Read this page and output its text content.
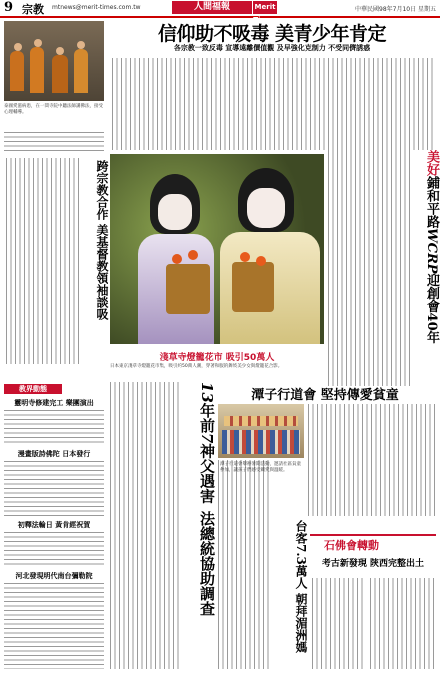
9 宗教 mtnews@merit-times.com.tw	人間福報	Merit Times
中華民國98年7月10日 星期五
泰國愛滋病患，在一間寺院中聽法師講佛法，接受心理輔導。
信仰助不吸毒 美青少年肯定
各宗教一致反毒 宣導遠離價值觀 及早強化克制力 不受同儕誘惑
跨宗教合作 美基督教領袖談吸
淺草寺燈籠花市 吸引50萬人
日本東京淺草寺燈籠花市集，吸引約50萬人潮，穿著和服的舞妓美少女與燈籠花合影。
美好鋪和平路WCRP迎創會40年
教界動態
靈明寺修建完工 樂團演出
漫畫版詩佛陀 日本發行
初釋法輪日 黃肯經祝賀
河北發現明代南台彌勒院
13年前7神父遇害法總統協助調查
潭子行道會 堅持傳愛貧童
潭子行道會舉辦暑期活動，邀請社區貧童參加，讓孩子們感受關愛與溫暖。
台客7.3萬人 朝拜湄洲媽 石佛會轉動
考古新發現 陝西完整出土
